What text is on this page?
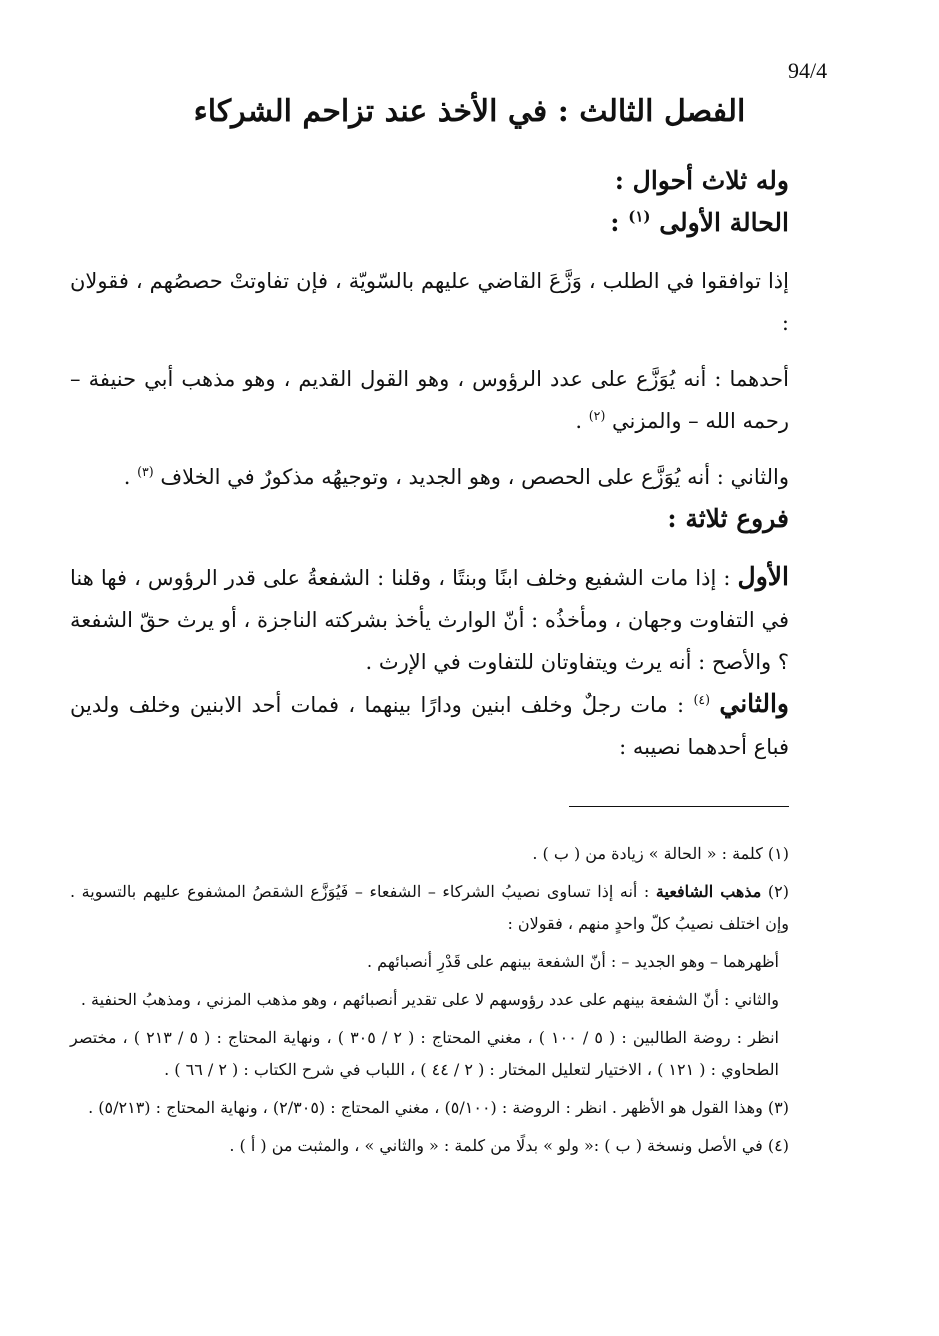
94/4
الفصل الثالث : في الأخذ عند تزاحم الشركاء

وله ثلاث أحوال :

الحالة الأولى $^{(١)}$ :

إذا توافقوا في الطلب ، وَزَّعَ القاضي عليهم بالسّويّة ، فإن تفاوتتْ حصصُهم ، فقولان :

أحدهما : أنه يُوَزَّع على عدد الرؤوس ، وهو القول القديم ، وهو مذهب أبي حنيفة – رحمه الله – والمزني $^{(٢)}$ .

والثاني : أنه يُوَزَّع على الحصص ، وهو الجديد ، وتوجيهُه مذكورٌ في الخلاف $^{(٣)}$ .

فروع ثلاثة :

الأول : إذا مات الشفيع وخلف ابنًا وبنتًا ، وقلنا : الشفعةُ على قدر الرؤوس ، فها هنا في التفاوت وجهان ، ومأخذُه : أنّ الوارث يأخذ بشركته الناجزة ، أو يرث حقّ الشفعة ؟ والأصح : أنه يرث ويتفاوتان للتفاوت في الإرث .

والثاني $^{(٤)}$ : مات رجلٌ وخلف ابنين ودارًا بينهما ، فمات أحد الابنين وخلف ولدين فباع أحدهما نصيبه :

(١) كلمة : « الحالة » زيادة من ( ب ) .

(٢) مذهب الشافعية : أنه إذا تساوى نصيبُ الشركاء – الشفعاء – فَيُوَزَّع الشقصُ المشفوع عليهم بالتسوية . وإن اختلف نصيبُ كلّ واحدٍ منهم ، فقولان :

أظهرهما – وهو الجديد – : أنّ الشفعة بينهم على قَدْرِ أنصبائهم .

والثاني : أنّ الشفعة بينهم على عدد رؤوسهم لا على تقدير أنصبائهم ، وهو مذهب المزني ، ومذهبُ الحنفية .

انظر : روضة الطالبين : ( ٥ / ١٠٠ ) ، مغني المحتاج : ( ٢ / ٣٠٥ ) ، ونهاية المحتاج : ( ٥ / ٢١٣ ) ، مختصر الطحاوي : ( ١٢١ ) ، الاختيار لتعليل المختار : ( ٢ / ٤٤ ) ، اللباب في شرح الكتاب : ( ٢ / ٦٦ ) .

(٣) وهذا القول هو الأظهر . انظر : الروضة : (٥/١٠٠) ، مغني المحتاج : (٢/٣٠٥) ، ونهاية المحتاج : (٥/٢١٣) .

(٤) في الأصل ونسخة ( ب ) :« ولو » بدلًا من كلمة : « والثاني » ، والمثبت من ( أ ) .
